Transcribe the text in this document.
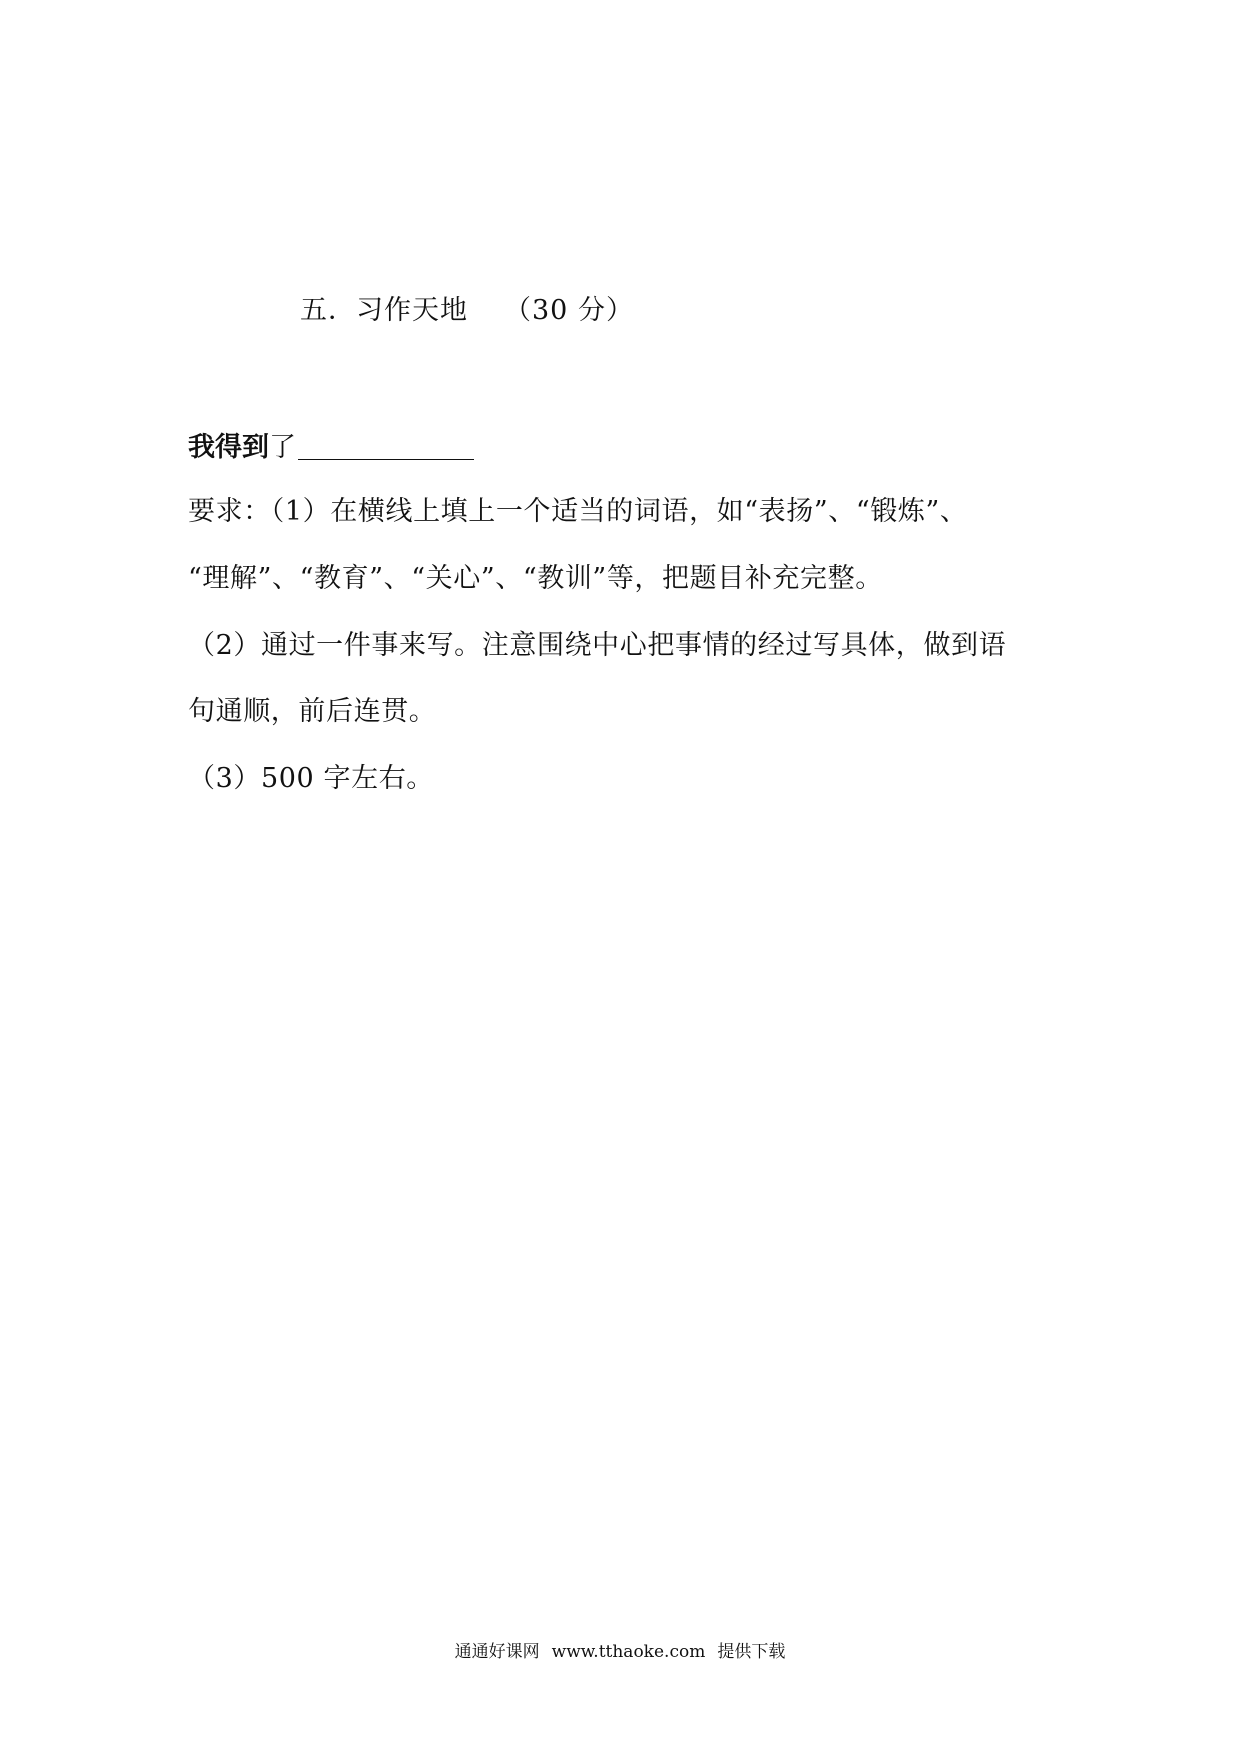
五．习作天地 （30 分）
我得到 了
要求：（1）在横线上填上一个适当的词语，如“表扬”、“锻炼”、
“理解”、“教育”、“关心”、“教训”等，把题目补充完整。
（2）通过一件事来写。注意围绕中心把事情的经过写具体，做到语
句通顺，前后连贯。
（3）500 字左右。
通通好课网 www.tthaoke.com 提供下载
